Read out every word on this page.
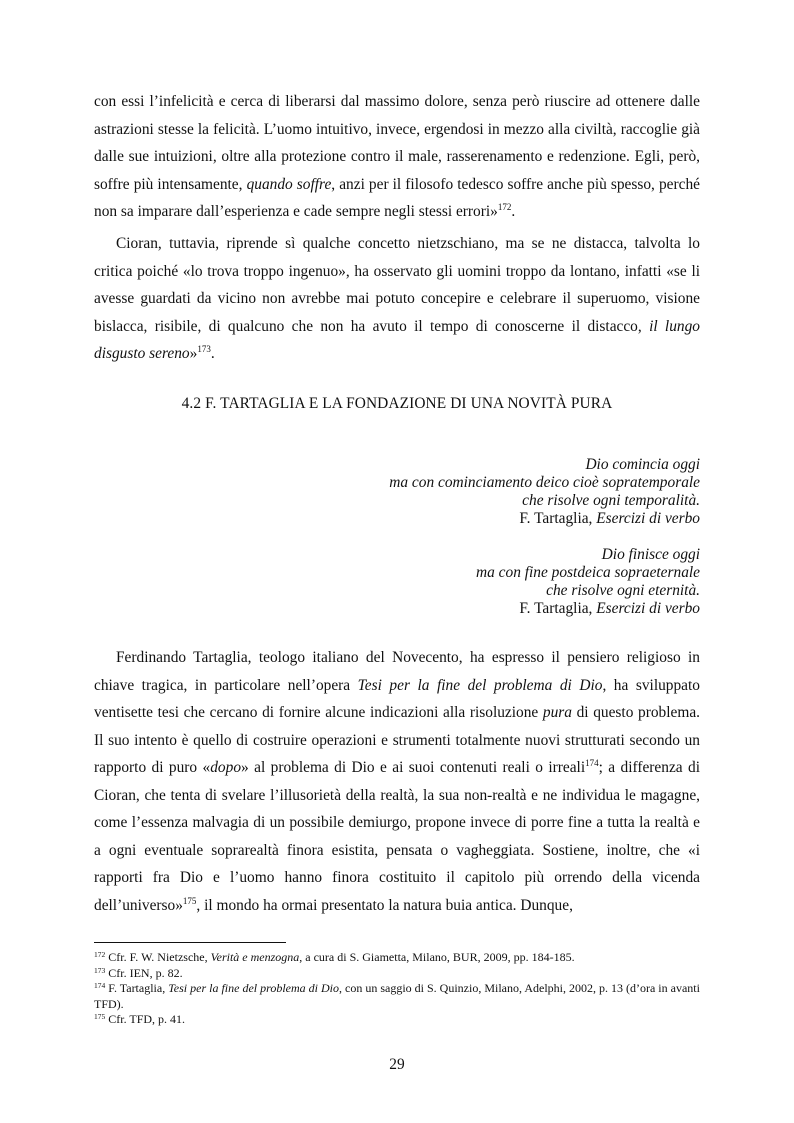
con essi l’infelicità e cerca di liberarsi dal massimo dolore, senza però riuscire ad ottenere dalle astrazioni stesse la felicità. L’uomo intuitivo, invece, ergendosi in mezzo alla civiltà, raccoglie già dalle sue intuizioni, oltre alla protezione contro il male, rasserenamento e redenzione. Egli, però, soffre più intensamente, quando soffre, anzi per il filosofo tedesco soffre anche più spesso, perché non sa imparare dall’esperienza e cade sempre negli stessi errori»$^{172}$.

Cioran, tuttavia, riprende sì qualche concetto nietzschiano, ma se ne distacca, talvolta lo critica poiché «lo trova troppo ingenuo», ha osservato gli uomini troppo da lontano, infatti «se li avesse guardati da vicino non avrebbe mai potuto concepire e celebrare il superuomo, visione bislacca, risibile, di qualcuno che non ha avuto il tempo di conoscerne il distacco, il lungo disgusto sereno»$^{173}$.

4.2 F. TARTAGLIA E LA FONDAZIONE DI UNA NOVITÀ PURA
Dio comincia oggi
ma con cominciamento deico cioè sopratemporale
che risolve ogni temporalità.
F. Tartaglia, Esercizi di verbo
Dio finisce oggi
ma con fine postdeica sopraeternale
che risolve ogni eternità.
F. Tartaglia, Esercizi di verbo

Ferdinando Tartaglia, teologo italiano del Novecento, ha espresso il pensiero religioso in chiave tragica, in particolare nell’opera Tesi per la fine del problema di Dio, ha sviluppato ventisette tesi che cercano di fornire alcune indicazioni alla risoluzione pura di questo problema. Il suo intento è quello di costruire operazioni e strumenti totalmente nuovi strutturati secondo un rapporto di puro «dopo» al problema di Dio e ai suoi contenuti reali o irreali$^{174}$; a differenza di Cioran, che tenta di svelare l’illusorietà della realtà, la sua non-realtà e ne individua le magagne, come l’essenza malvagia di un possibile demiurgo, propone invece di porre fine a tutta la realtà e a ogni eventuale soprarealtà finora esistita, pensata o vagheggiata. Sostiene, inoltre, che «i rapporti fra Dio e l’uomo hanno finora costituito il capitolo più orrendo della vicenda dell’universo»$^{175}$, il mondo ha ormai presentato la natura buia antica. Dunque,

$^{172}$ Cfr. F. W. Nietzsche, Verità e menzogna, a cura di S. Giametta, Milano, BUR, 2009, pp. 184-185.

$^{173}$ Cfr. IEN, p. 82.

$^{174}$ F. Tartaglia, Tesi per la fine del problema di Dio, con un saggio di S. Quinzio, Milano, Adelphi, 2002, p. 13 (d’ora in avanti TFD).

$^{175}$ Cfr. TFD, p. 41.

29
